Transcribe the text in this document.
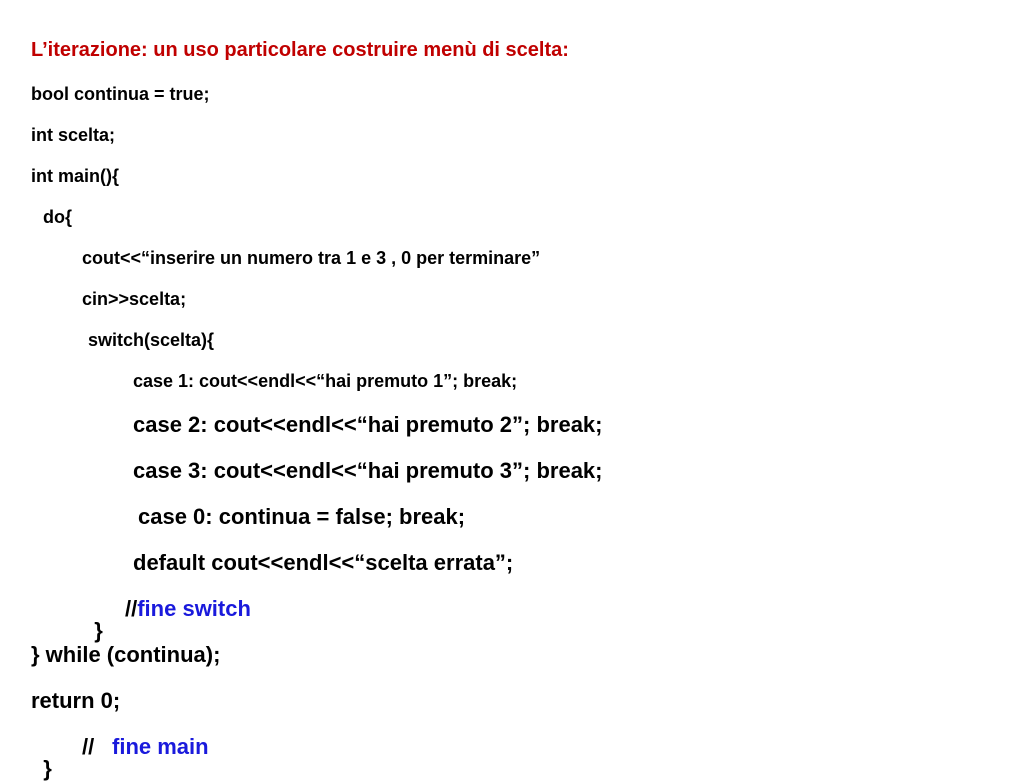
L’iterazione: un uso particolare costruire menù di scelta:
bool continua = true;
int scelta;
int main(){
do{
cout<<“inserire un numero tra 1 e 3 , 0 per terminare”
cin>>scelta;
switch(scelta){
case 1: cout<<endl<<“hai premuto 1”; break;
case 2: cout<<endl<<“hai premuto 2”; break;
case 3: cout<<endl<<“hai premuto 3”; break;
case 0: continua = false; break;
default cout<<endl<<“scelta errata”;

}

//fine switch
} while (continua);
return 0;

}

// fine main
